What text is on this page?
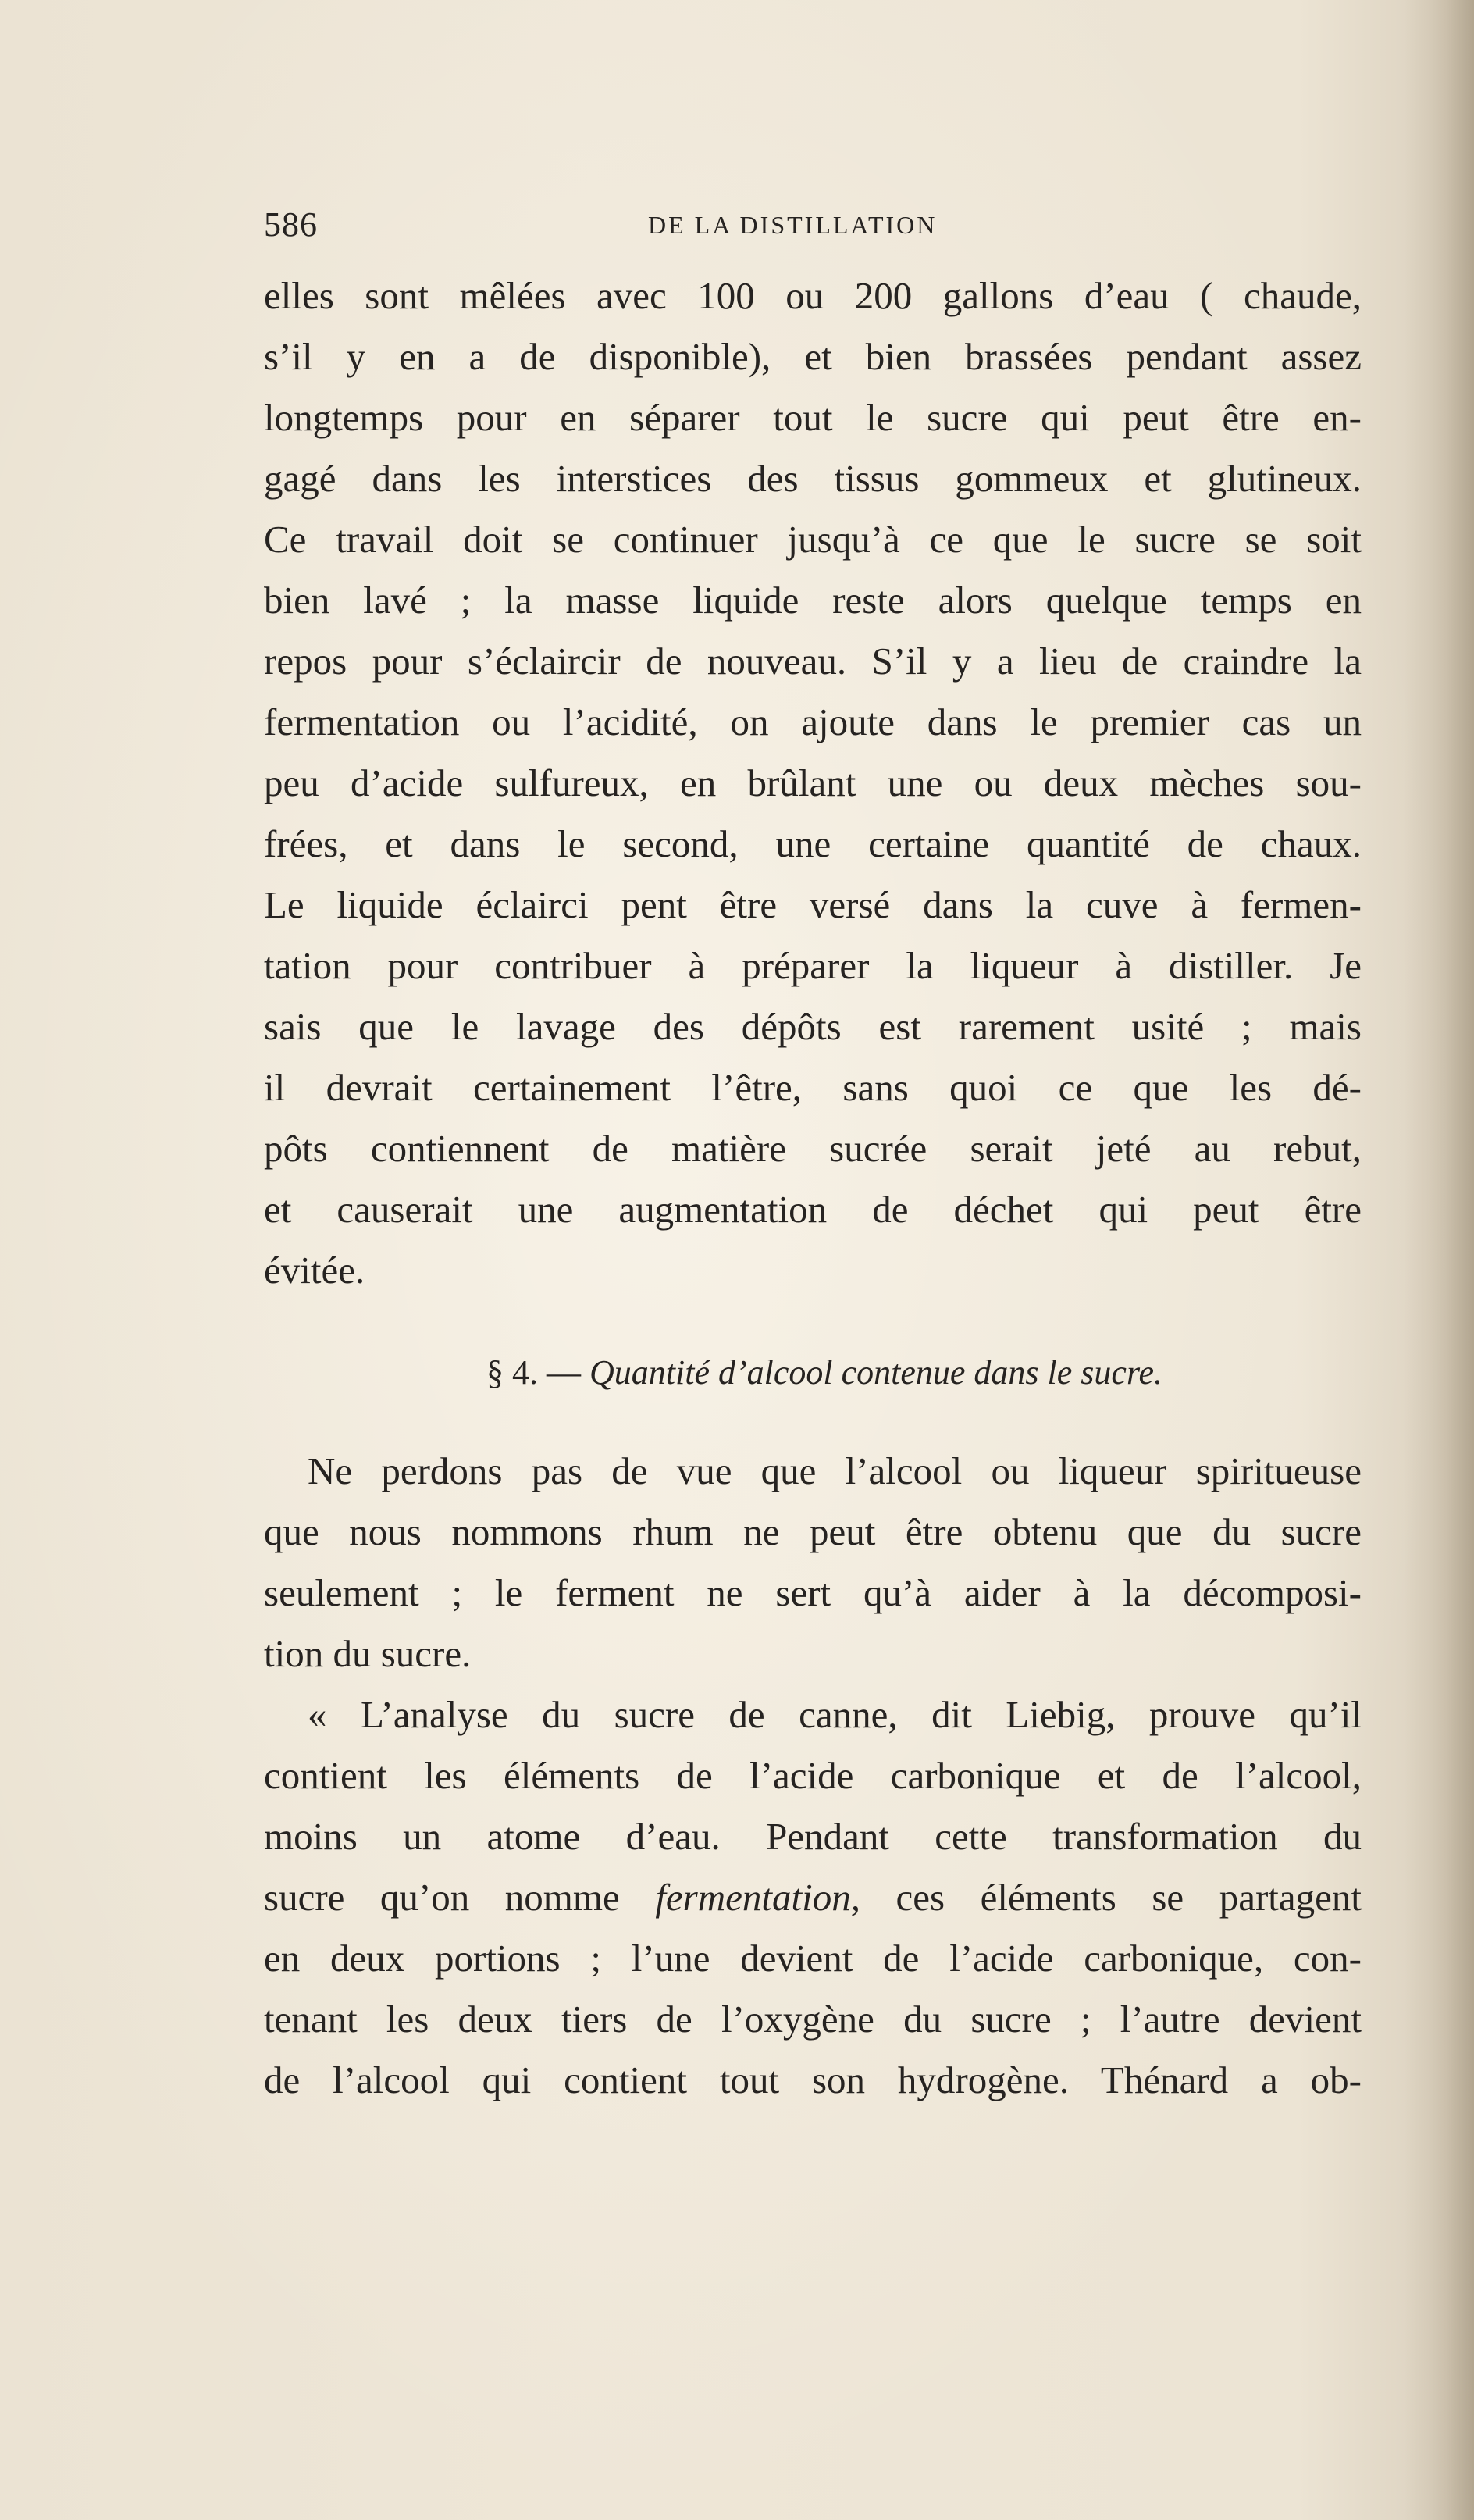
586	DE LA DISTILLATION
elles sont mêlées avec 100 ou 200 gallons d’eau ( chaude,
s’il y en a de disponible), et bien brassées pendant assez
longtemps pour en séparer tout le sucre qui peut être en-
gagé dans les interstices des tissus gommeux et glutineux.
Ce travail doit se continuer jusqu’à ce que le sucre se soit
bien lavé ; la masse liquide reste alors quelque temps en
repos pour s’éclaircir de nouveau. S’il y a lieu de craindre la
fermentation ou l’acidité, on ajoute dans le premier cas un
peu d’acide sulfureux, en brûlant une ou deux mèches sou-
frées, et dans le second, une certaine quantité de chaux.
Le liquide éclairci pent être versé dans la cuve à fermen-
tation pour contribuer à préparer la liqueur à distiller. Je
sais que le lavage des dépôts est rarement usité ; mais
il devrait certainement l’être, sans quoi ce que les dé-
pôts contiennent de matière sucrée serait jeté au rebut,
et causerait une augmentation de déchet qui peut être
évitée.
§ 4. — Quantité d’alcool contenue dans le sucre.
Ne perdons pas de vue que l’alcool ou liqueur spiritueuse
que nous nommons rhum ne peut être obtenu que du sucre
seulement ; le ferment ne sert qu’à aider à la décomposi-
tion du sucre.
« L’analyse du sucre de canne, dit Liebig, prouve qu’il
contient les éléments de l’acide carbonique et de l’alcool,
moins un atome d’eau. Pendant cette transformation du
sucre qu’on nomme fermentation, ces éléments se partagent
en deux portions ; l’une devient de l’acide carbonique, con-
tenant les deux tiers de l’oxygène du sucre ; l’autre devient
de l’alcool qui contient tout son hydrogène. Thénard a ob-
